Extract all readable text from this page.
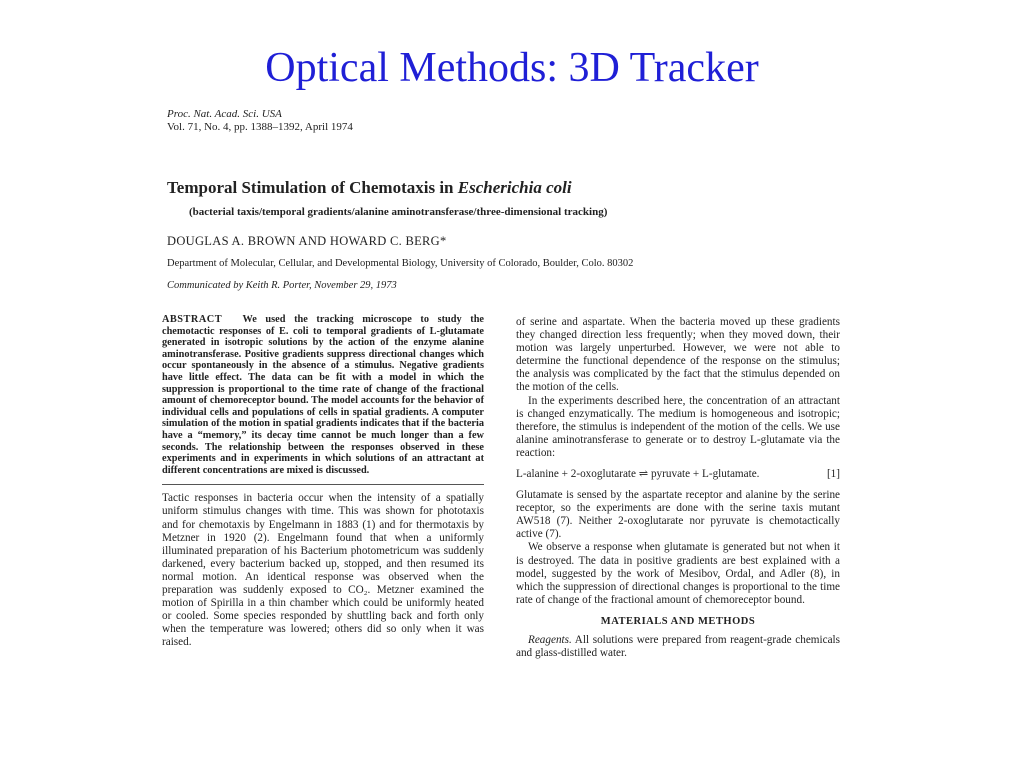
Optical Methods: 3D Tracker
Proc. Nat. Acad. Sci. USA
Vol. 71, No. 4, pp. 1388–1392, April 1974
Temporal Stimulation of Chemotaxis in Escherichia coli
(bacterial taxis/temporal gradients/alanine aminotransferase/three-dimensional tracking)
DOUGLAS A. BROWN AND HOWARD C. BERG*
Department of Molecular, Cellular, and Developmental Biology, University of Colorado, Boulder, Colo. 80302
Communicated by Keith R. Porter, November 29, 1973

ABSTRACT We used the tracking microscope to study the chemotactic responses of E. coli to temporal gradients of L-glutamate generated in isotropic solutions by the action of the enzyme alanine aminotransferase. Positive gradients suppress directional changes which occur spontaneously in the absence of a stimulus. Negative gradients have little effect. The data can be fit with a model in which the suppression is proportional to the time rate of change of the fractional amount of chemoreceptor bound. The model accounts for the behavior of individual cells and populations of cells in spatial gradients. A computer simulation of the motion in spatial gradients indicates that if the bacteria have a “memory,” its decay time cannot be much longer than a few seconds. The relationship between the responses observed in these experiments and in experiments in which solutions of an attractant at different concentrations are mixed is discussed.

Tactic responses in bacteria occur when the intensity of a spatially uniform stimulus changes with time. This was shown for phototaxis and for chemotaxis by Engelmann in 1883 (1) and for thermotaxis by Metzner in 1920 (2). Engelmann found that when a uniformly illuminated preparation of his Bacterium photometricum was suddenly darkened, every bacterium backed up, stopped, and then resumed its normal motion. An identical response was observed when the preparation was suddenly exposed to CO₂. Metzner examined the motion of Spirilla in a thin chamber which could be uniformly heated or cooled. Some species responded by shuttling back and forth only when the temperature was lowered; others did so only when it was raised.

of serine and aspartate. When the bacteria moved up these gradients they changed direction less frequently; when they moved down, their motion was largely unperturbed. However, we were not able to determine the functional dependence of the response on the stimulus; the analysis was complicated by the fact that the stimulus depended on the motion of the cells.

In the experiments described here, the concentration of an attractant is changed enzymatically. The medium is homogeneous and isotropic; therefore, the stimulus is independent of the motion of the cells. We use alanine aminotransferase to generate or to destroy L-glutamate via the reaction:

L-alanine + 2-oxoglutarate ⇌ pyruvate + L-glutamate.	[1]

Glutamate is sensed by the aspartate receptor and alanine by the serine receptor, so the experiments are done with the serine taxis mutant AW518 (7). Neither 2-oxoglutarate nor pyruvate is chemotactically active (7).

We observe a response when glutamate is generated but not when it is destroyed. The data in positive gradients are best explained with a model, suggested by the work of Mesibov, Ordal, and Adler (8), in which the suppression of directional changes is proportional to the time rate of change of the fractional amount of chemoreceptor bound.

MATERIALS AND METHODS

Reagents. All solutions were prepared from reagent-grade chemicals and glass-distilled water.
